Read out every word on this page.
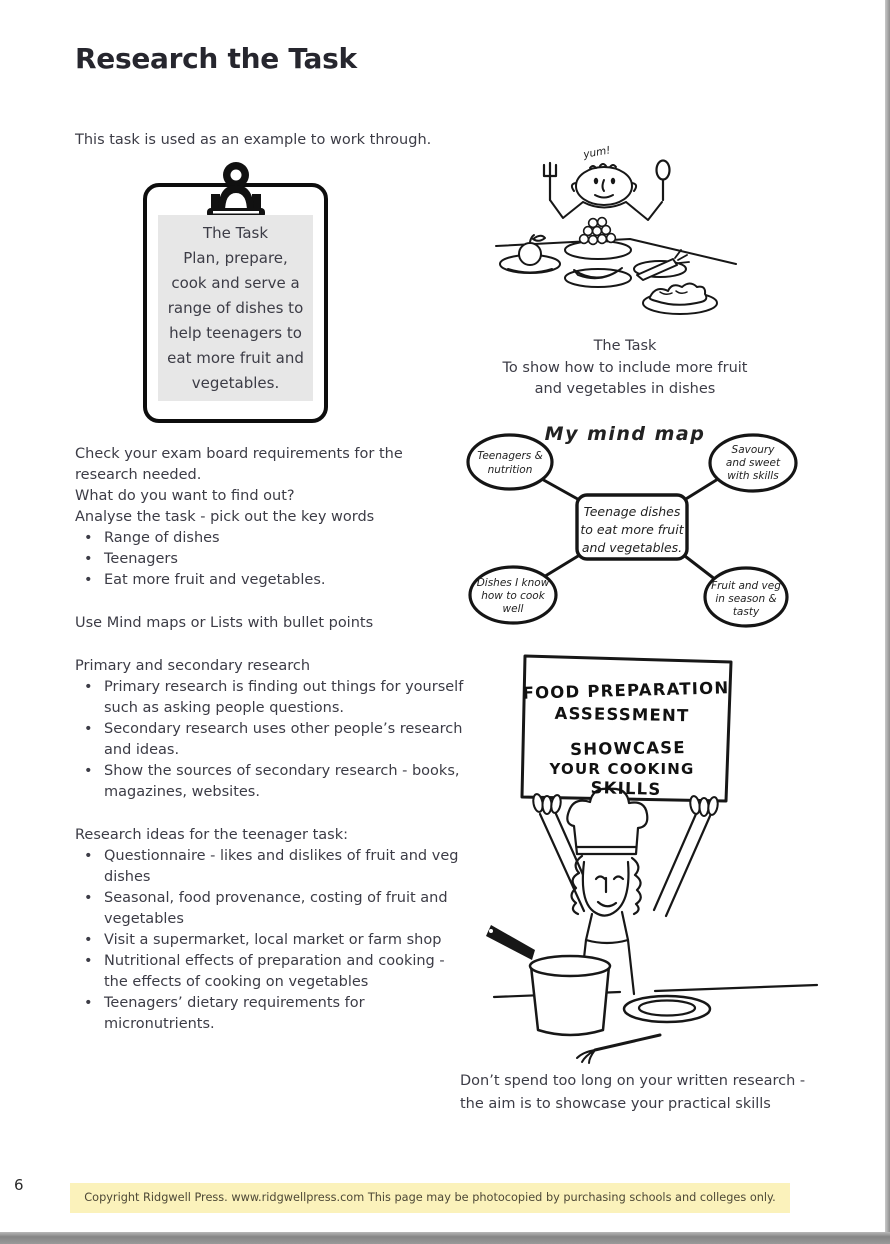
Research the Task
This task is used as an example to work through.
The Task
Plan, prepare,
cook and serve a
range of dishes to
help teenagers to
eat more fruit and
vegetables.

Check your exam board requirements for the research needed.

What do you want to find out?

Analyse the task - pick out the key words

• Range of dishes
• Teenagers
• Eat more fruit and vegetables.

Use Mind maps or Lists with bullet points

Primary and secondary research

• Primary research is finding out things for yourself such as asking people questions.
• Secondary research uses other people’s research and ideas.
• Show the sources of secondary research - books, magazines, websites.

Research ideas for the teenager task:

• Questionnaire - likes and dislikes of fruit and veg dishes
• Seasonal, food provenance, costing of fruit and vegetables
• Visit a supermarket, local market or farm shop
• Nutritional effects of preparation and cooking - the effects of cooking on vegetables
• Teenagers’ dietary requirements for micronutrients.
yum!
The Task
To show how to include more fruit
and vegetables in dishes
My mind map
Teenagers &
nutrition
Savoury
and sweet
with skills
Dishes I know
how to cook
well
Fruit and veg
in season &
tasty
Teenage dishes
to eat more fruit
and vegetables.
FOOD PREPARATION
ASSESSMENT
SHOWCASE
YOUR COOKING
SKILLS
Don’t spend too long on your written research -
the aim is to showcase your practical skills
6
Copyright Ridgwell Press. www.ridgwellpress.com This page may be photocopied by purchasing schools and colleges only.
